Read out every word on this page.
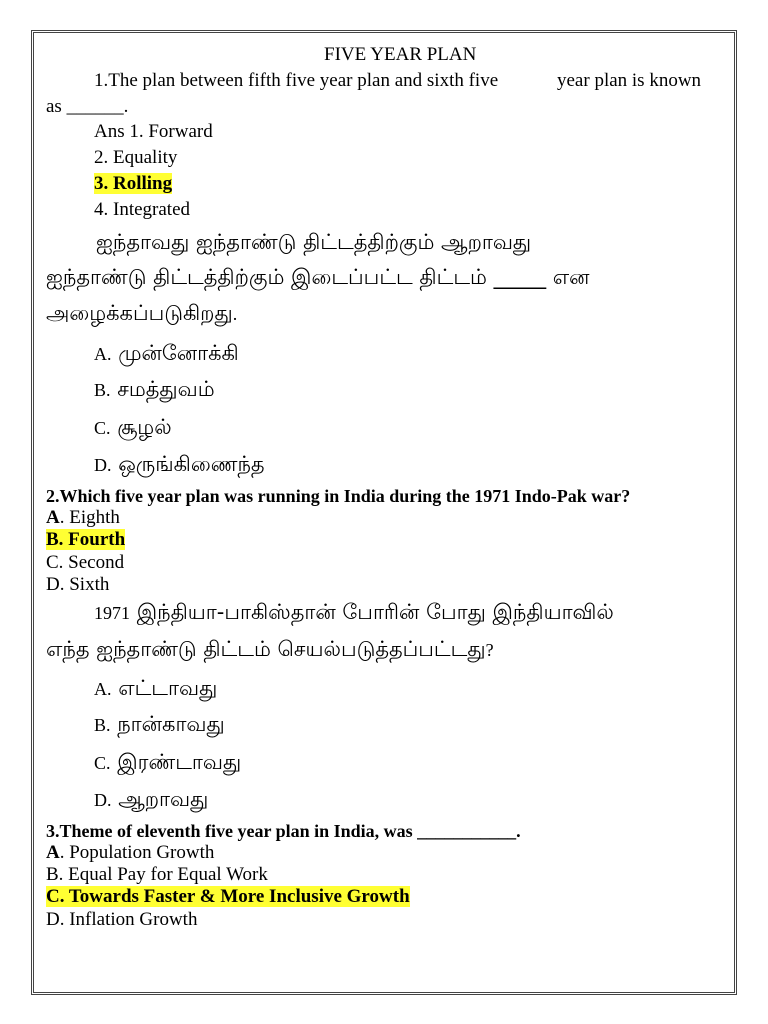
FIVE YEAR PLAN
1.The plan between fifth five year plan and sixth five	year plan is known
as ______.
Ans 1. Forward
2. Equality
3. Rolling
4. Integrated
ஐந்தாவது ஐந்தாண்டு திட்டத்திற்கும் ஆறாவது
ஐந்தாண்டு திட்டத்திற்கும் இடைப்பட்ட திட்டம் _____ என
அழைக்கப்படுகிறது.
A. முன்னோக்கி
B. சமத்துவம்
C. சூழல்
D. ஒருங்கிணைந்த
2.Which five year plan was running in India during the 1971 Indo-Pak war?
A. Eighth
B. Fourth
C. Second
D. Sixth
1971 இந்தியா-பாகிஸ்தான் போரின் போது இந்தியாவில்
எந்த ஐந்தாண்டு திட்டம் செயல்படுத்தப்பட்டது?
A. எட்டாவது
B. நான்காவது
C. இரண்டாவது
D. ஆறாவது
3.Theme of eleventh five year plan in India, was ___________.
A. Population Growth
B. Equal Pay for Equal Work
C. Towards Faster & More Inclusive Growth
D. Inflation Growth
